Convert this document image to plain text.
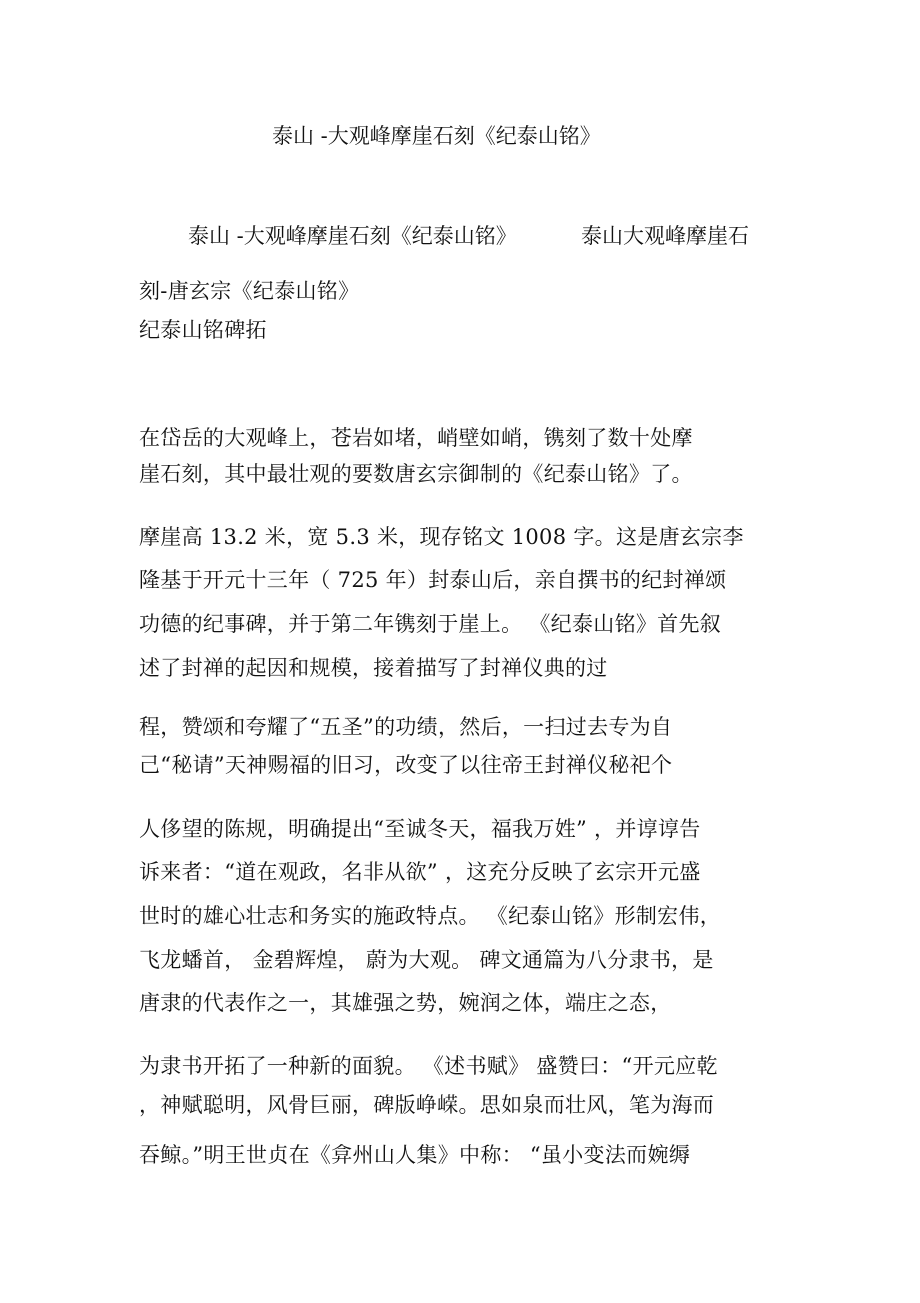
泰山 -大观峰摩崖石刻《纪泰山铭》
泰山 -大观峰摩崖石刻《纪泰山铭》	泰山大观峰摩崖石
刻-唐玄宗《纪泰山铭》
纪泰山铭碑拓
在岱岳的大观峰上，苍岩如堵，峭壁如峭，镌刻了数十处摩
崖石刻，其中最壮观的要数唐玄宗御制的《纪泰山铭》了。
摩崖高 13.2 米，宽 5.3 米，现存铭文 1008 字。这是唐玄宗李
隆基于开元十三年（ 725 年）封泰山后，亲自撰书的纪封禅颂
功德的纪事碑，并于第二年镌刻于崖上。 《纪泰山铭》首先叙
述了封禅的起因和规模，接着描写了封禅仪典的过
程，赞颂和夸耀了“五圣”的功绩，然后，一扫过去专为自
己“秘请”天神赐福的旧习，改变了以往帝王封禅仪秘祀个
人侈望的陈规，明确提出“至诚冬天，福我万姓” ，并谆谆告
诉来者：“道在观政，名非从欲” ，这充分反映了玄宗开元盛
世时的雄心壮志和务实的施政特点。 《纪泰山铭》形制宏伟，
飞龙蟠首， 金碧辉煌， 蔚为大观。 碑文通篇为八分隶书，是
唐隶的代表作之一，其雄强之势，婉润之体，端庄之态，
为隶书开拓了一种新的面貌。 《述书赋》 盛赞曰：“开元应乾
，神赋聪明，风骨巨丽，碑版峥嵘。思如泉而壮风，笔为海而
吞鲸。”明王世贞在《弇州山人集》中称： “虽小变法而婉缛
